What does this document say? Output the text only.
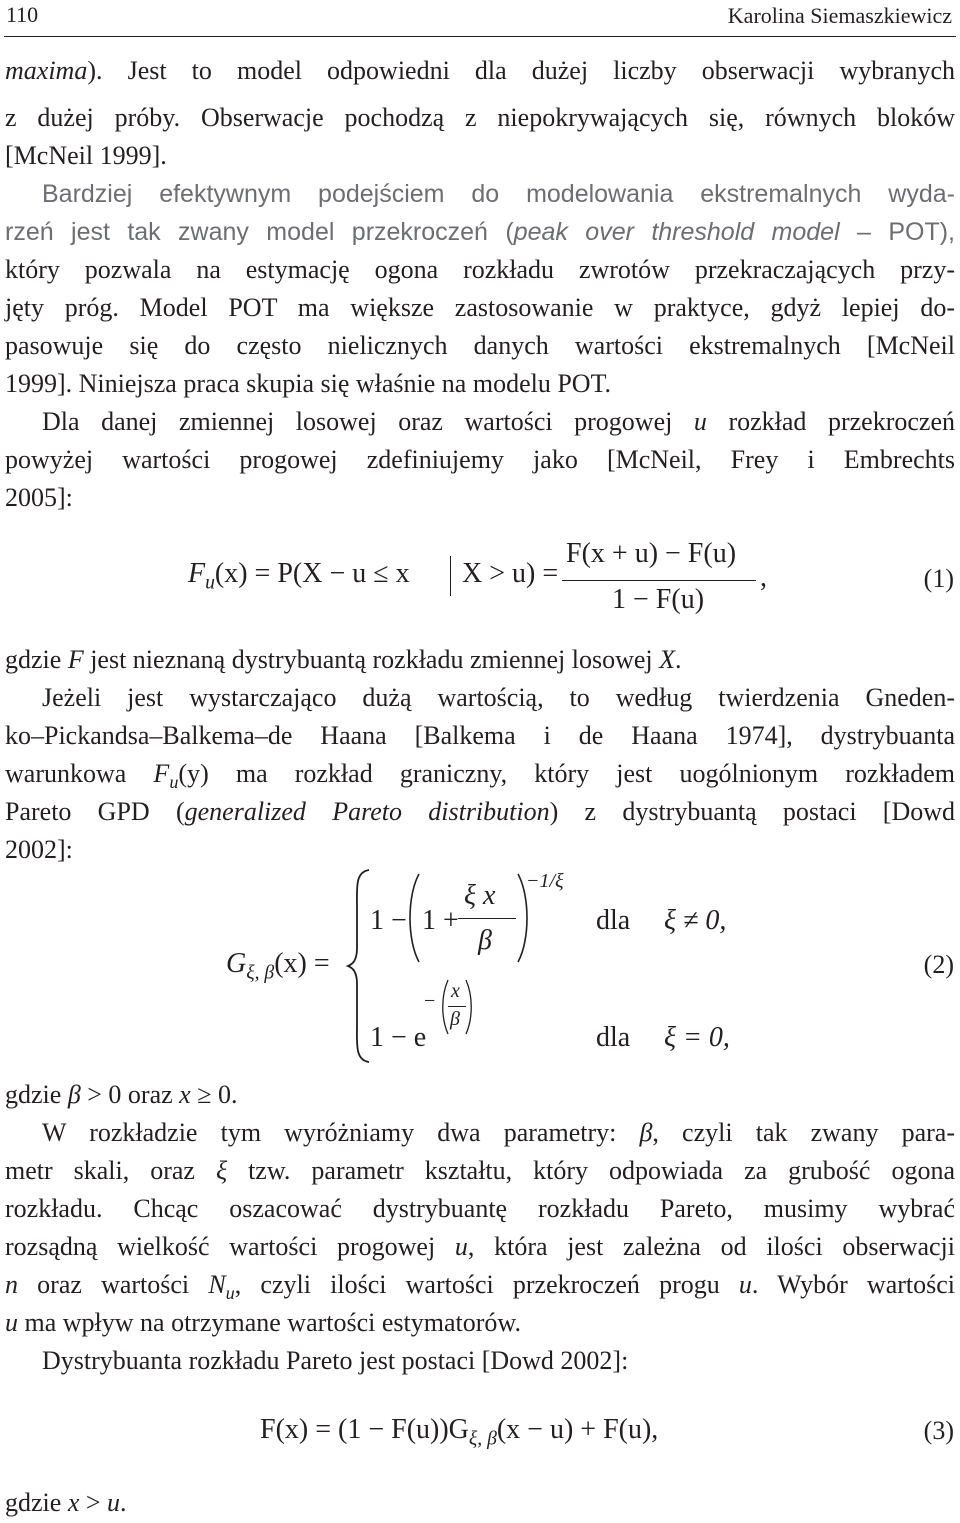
110	Karolina Siemaszkiewicz
maxima). Jest to model odpowiedni dla dużej liczby obserwacji wybranych
z dużej próby. Obserwacje pochodzą z niepokrywających się, równych bloków
[McNeil 1999].
Bardziej efektywnym podejściem do modelowania ekstremalnych wyda-
rzeń jest tak zwany model przekroczeń (peak over threshold model – POT),
który pozwala na estymację ogona rozkładu zwrotów przekraczających przy-
jęty próg. Model POT ma większe zastosowanie w praktyce, gdyż lepiej do-
pasowuje się do często nielicznych danych wartości ekstremalnych [McNeil
1999]. Niniejsza praca skupia się właśnie na modelu POT.
Dla danej zmiennej losowej oraz wartości progowej u rozkład przekroczeń
powyżej wartości progowej zdefiniujemy jako [McNeil, Frey i Embrechts
2005]:
$F_u(x) = P(X - u \le x$ X > u) =
F(x + u) − F(u)
1 − F(u)
,	(1)
gdzie F jest nieznaną dystrybuantą rozkładu zmiennej losowej X.
Jeżeli jest wystarczająco dużą wartością, to według twierdzenia Gneden-
ko–Pickandsa–Balkema–de Haana [Balkema i de Haana 1974], dystrybuanta
warunkowa $F_u(y)$ ma rozkład graniczny, który jest uogólnionym rozkładem
Pareto GPD (generalized Pareto distribution) z dystrybuantą postaci [Dowd
2002]:
$G_{\xi, \beta}(x)$ =
1 − 1 +
ξ x
β
−1/ξ
dla ξ ≠ 0,
1 − e
− x
β
dla ξ = 0,
(2)
gdzie β > 0 oraz x ≥ 0.
W rozkładzie tym wyróżniamy dwa parametry: β, czyli tak zwany para-
metr skali, oraz ξ tzw. parametr kształtu, który odpowiada za grubość ogona
rozkładu. Chcąc oszacować dystrybuantę rozkładu Pareto, musimy wybrać
rozsądną wielkość wartości progowej u, która jest zależna od ilości obserwacji
n oraz wartości $N_u$, czyli ilości wartości przekroczeń progu u. Wybór wartości
u ma wpływ na otrzymane wartości estymatorów.
Dystrybuanta rozkładu Pareto jest postaci [Dowd 2002]:
$F(x) = (1 - F(u))G_{\xi, \beta}(x - u) + F(u)$,	(3)
gdzie x > u.
